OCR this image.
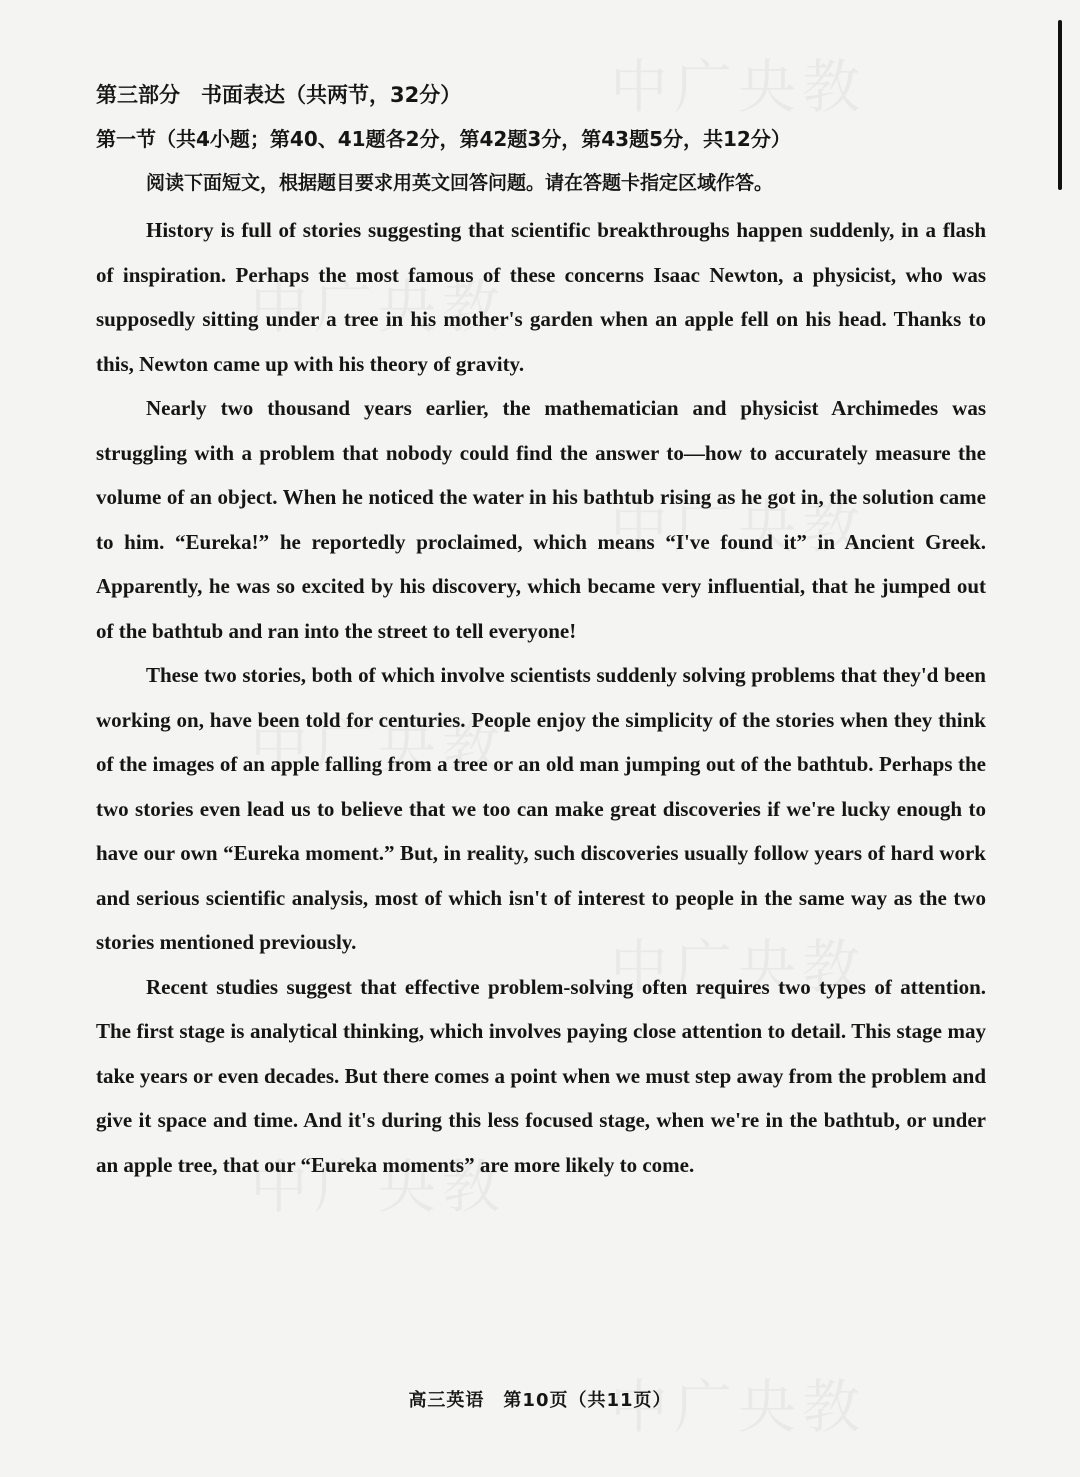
第三部分　书面表达（共两节，32分）

第一节（共4小题；第40、41题各2分，第42题3分，第43题5分，共12分）

阅读下面短文，根据题目要求用英文回答问题。请在答题卡指定区域作答。

History is full of stories suggesting that scientific breakthroughs happen suddenly, in a flash of inspiration. Perhaps the most famous of these concerns Isaac Newton, a physicist, who was supposedly sitting under a tree in his mother's garden when an apple fell on his head. Thanks to this, Newton came up with his theory of gravity.

Nearly two thousand years earlier, the mathematician and physicist Archimedes was struggling with a problem that nobody could find the answer to—how to accurately measure the volume of an object. When he noticed the water in his bathtub rising as he got in, the solution came to him. “Eureka!” he reportedly proclaimed, which means “I've found it” in Ancient Greek. Apparently, he was so excited by his discovery, which became very influential, that he jumped out of the bathtub and ran into the street to tell everyone!

These two stories, both of which involve scientists suddenly solving problems that they'd been working on, have been told for centuries. People enjoy the simplicity of the stories when they think of the images of an apple falling from a tree or an old man jumping out of the bathtub. Perhaps the two stories even lead us to believe that we too can make great discoveries if we're lucky enough to have our own “Eureka moment.” But, in reality, such discoveries usually follow years of hard work and serious scientific analysis, most of which isn't of interest to people in the same way as the two stories mentioned previously.

Recent studies suggest that effective problem-solving often requires two types of attention. The first stage is analytical thinking, which involves paying close attention to detail. This stage may take years or even decades. But there comes a point when we must step away from the problem and give it space and time. And it's during this less focused stage, when we're in the bathtub, or under an apple tree, that our “Eureka moments” are more likely to come.

高三英语　第10页（共11页）
